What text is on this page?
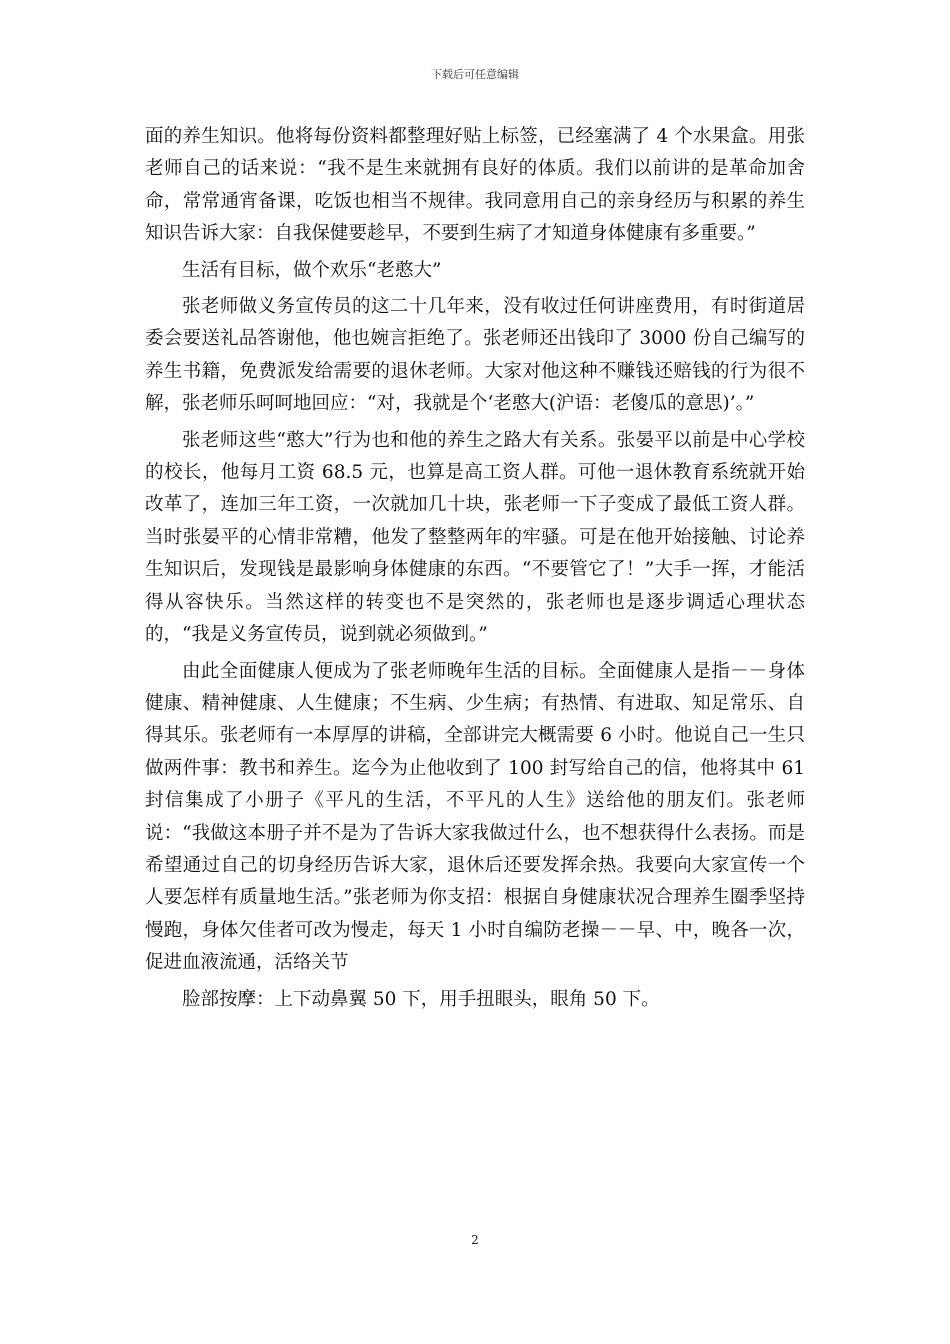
下载后可任意编辑

面的养生知识。他将每份资料都整理好贴上标签，已经塞满了 4 个水果盒。用张老师自己的话来说：“我不是生来就拥有良好的体质。我们以前讲的是革命加舍命，常常通宵备课，吃饭也相当不规律。我同意用自己的亲身经历与积累的养生知识告诉大家：自我保健要趁早，不要到生病了才知道身体健康有多重要。”

生活有目标，做个欢乐“老憨大”

张老师做义务宣传员的这二十几年来，没有收过任何讲座费用，有时街道居委会要送礼品答谢他，他也婉言拒绝了。张老师还出钱印了 3000 份自己编写的养生书籍，免费派发给需要的退休老师。大家对他这种不赚钱还赔钱的行为很不解，张老师乐呵呵地回应：“对，我就是个‘老憨大(沪语：老傻瓜的意思)’。”

张老师这些“憨大”行为也和他的养生之路大有关系。张晏平以前是中心学校的校长，他每月工资 68.5 元，也算是高工资人群。可他一退休教育系统就开始改革了，连加三年工资，一次就加几十块，张老师一下子变成了最低工资人群。当时张晏平的心情非常糟，他发了整整两年的牢骚。可是在他开始接触、讨论养生知识后，发现钱是最影响身体健康的东西。“不要管它了！”大手一挥，才能活得从容快乐。当然这样的转变也不是突然的，张老师也是逐步调适心理状态的，“我是义务宣传员，说到就必须做到。”

由此全面健康人便成为了张老师晚年生活的目标。全面健康人是指－－身体健康、精神健康、人生健康；不生病、少生病；有热情、有进取、知足常乐、自得其乐。张老师有一本厚厚的讲稿，全部讲完大概需要 6 小时。他说自己一生只做两件事：教书和养生。迄今为止他收到了 100 封写给自己的信，他将其中 61 封信集成了小册子《平凡的生活，不平凡的人生》送给他的朋友们。张老师说：“我做这本册子并不是为了告诉大家我做过什么，也不想获得什么表扬。而是希望通过自己的切身经历告诉大家，退休后还要发挥余热。我要向大家宣传一个人要怎样有质量地生活。”张老师为你支招：根据自身健康状况合理养生圈季坚持慢跑，身体欠佳者可改为慢走，每天 1 小时自编防老操－－早、中，晚各一次，促进血液流通，活络关节

脸部按摩：上下动鼻翼 50 下，用手扭眼头，眼角 50 下。

2
